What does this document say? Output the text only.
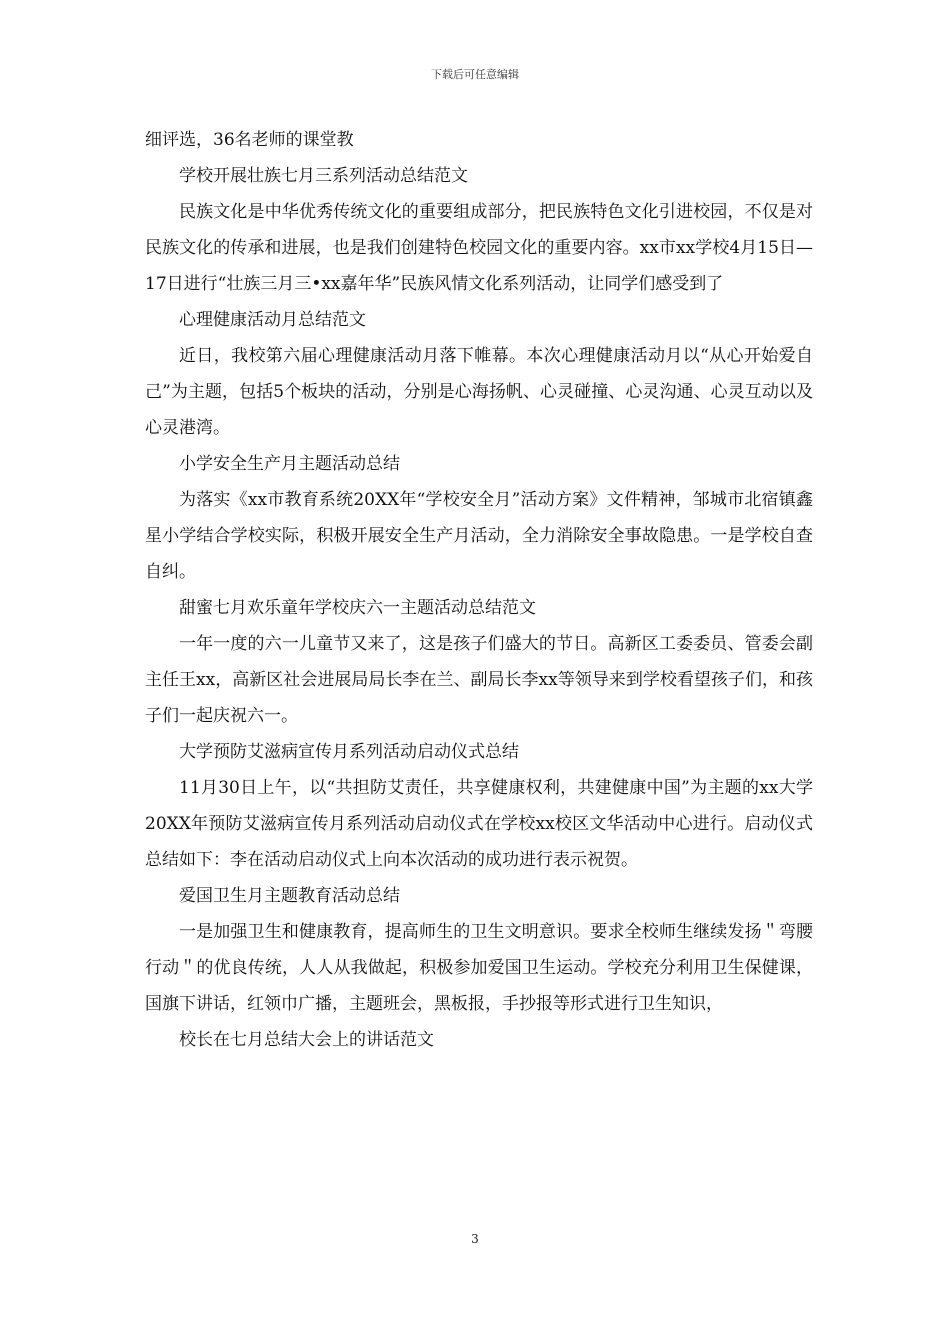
下载后可任意编辑

细评选，36名老师的课堂教

学校开展壮族七月三系列活动总结范文

民族文化是中华优秀传统文化的重要组成部分，把民族特色文化引进校园，不仅是对民族文化的传承和进展，也是我们创建特色校园文化的重要内容。xx市xx学校4月15日—17日进行“壮族三月三•xx嘉年华”民族风情文化系列活动，让同学们感受到了

心理健康活动月总结范文

近日，我校第六届心理健康活动月落下帷幕。本次心理健康活动月以“从心开始爱自己”为主题，包括5个板块的活动，分别是心海扬帆、心灵碰撞、心灵沟通、心灵互动以及心灵港湾。

小学安全生产月主题活动总结

为落实《xx市教育系统20XX年“学校安全月”活动方案》文件精神，邹城市北宿镇鑫星小学结合学校实际，积极开展安全生产月活动，全力消除安全事故隐患。一是学校自查自纠。

甜蜜七月欢乐童年学校庆六一主题活动总结范文

一年一度的六一儿童节又来了，这是孩子们盛大的节日。高新区工委委员、管委会副主任王xx，高新区社会进展局局长李在兰、副局长李xx等领导来到学校看望孩子们，和孩子们一起庆祝六一。

大学预防艾滋病宣传月系列活动启动仪式总结

11月30日上午，以“共担防艾责任，共享健康权利，共建健康中国”为主题的xx大学20XX年预防艾滋病宣传月系列活动启动仪式在学校xx校区文华活动中心进行。启动仪式总结如下：李在活动启动仪式上向本次活动的成功进行表示祝贺。

爱国卫生月主题教育活动总结

一是加强卫生和健康教育，提高师生的卫生文明意识。要求全校师生继续发扬＂弯腰行动＂的优良传统，人人从我做起，积极参加爱国卫生运动。学校充分利用卫生保健课，国旗下讲话，红领巾广播，主题班会，黑板报，手抄报等形式进行卫生知识，

校长在七月总结大会上的讲话范文

3
